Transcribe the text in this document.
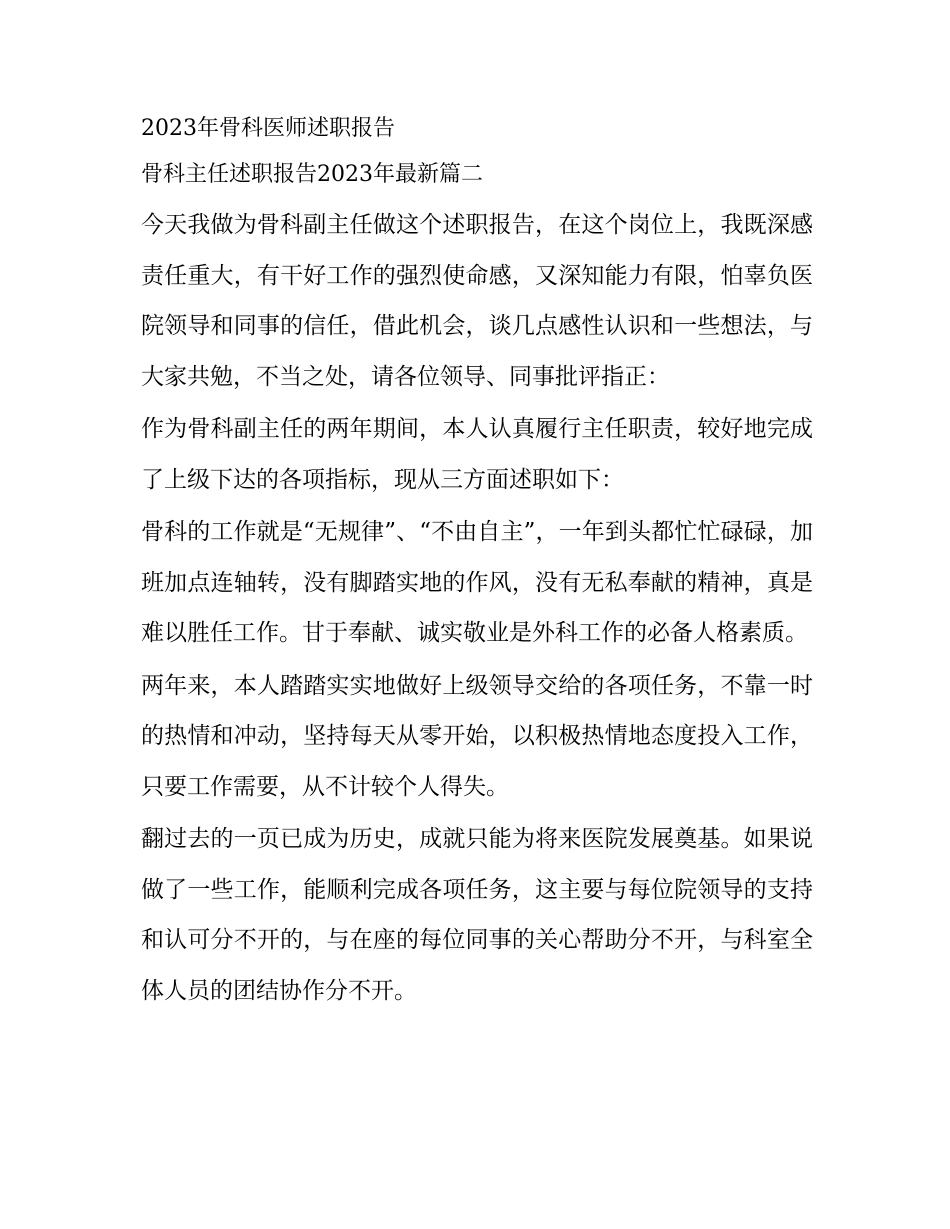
2023年骨科医师述职报告
骨科主任述职报告2023年最新篇二

今天我做为骨科副主任做这个述职报告，在这个岗位上，我既深感责任重大，有干好工作的强烈使命感，又深知能力有限，怕辜负医院领导和同事的信任，借此机会，谈几点感性认识和一些想法，与大家共勉，不当之处，请各位领导、同事批评指正：

作为骨科副主任的两年期间，本人认真履行主任职责，较好地完成了上级下达的各项指标，现从三方面述职如下：

骨科的工作就是“无规律”、“不由自主”，一年到头都忙忙碌碌，加班加点连轴转，没有脚踏实地的作风，没有无私奉献的精神，真是难以胜任工作。甘于奉献、诚实敬业是外科工作的必备人格素质。

两年来，本人踏踏实实地做好上级领导交给的各项任务，不靠一时的热情和冲动，坚持每天从零开始，以积极热情地态度投入工作，只要工作需要，从不计较个人得失。

翻过去的一页已成为历史，成就只能为将来医院发展奠基。如果说做了一些工作，能顺利完成各项任务，这主要与每位院领导的支持和认可分不开的，与在座的每位同事的关心帮助分不开，与科室全体人员的团结协作分不开。
